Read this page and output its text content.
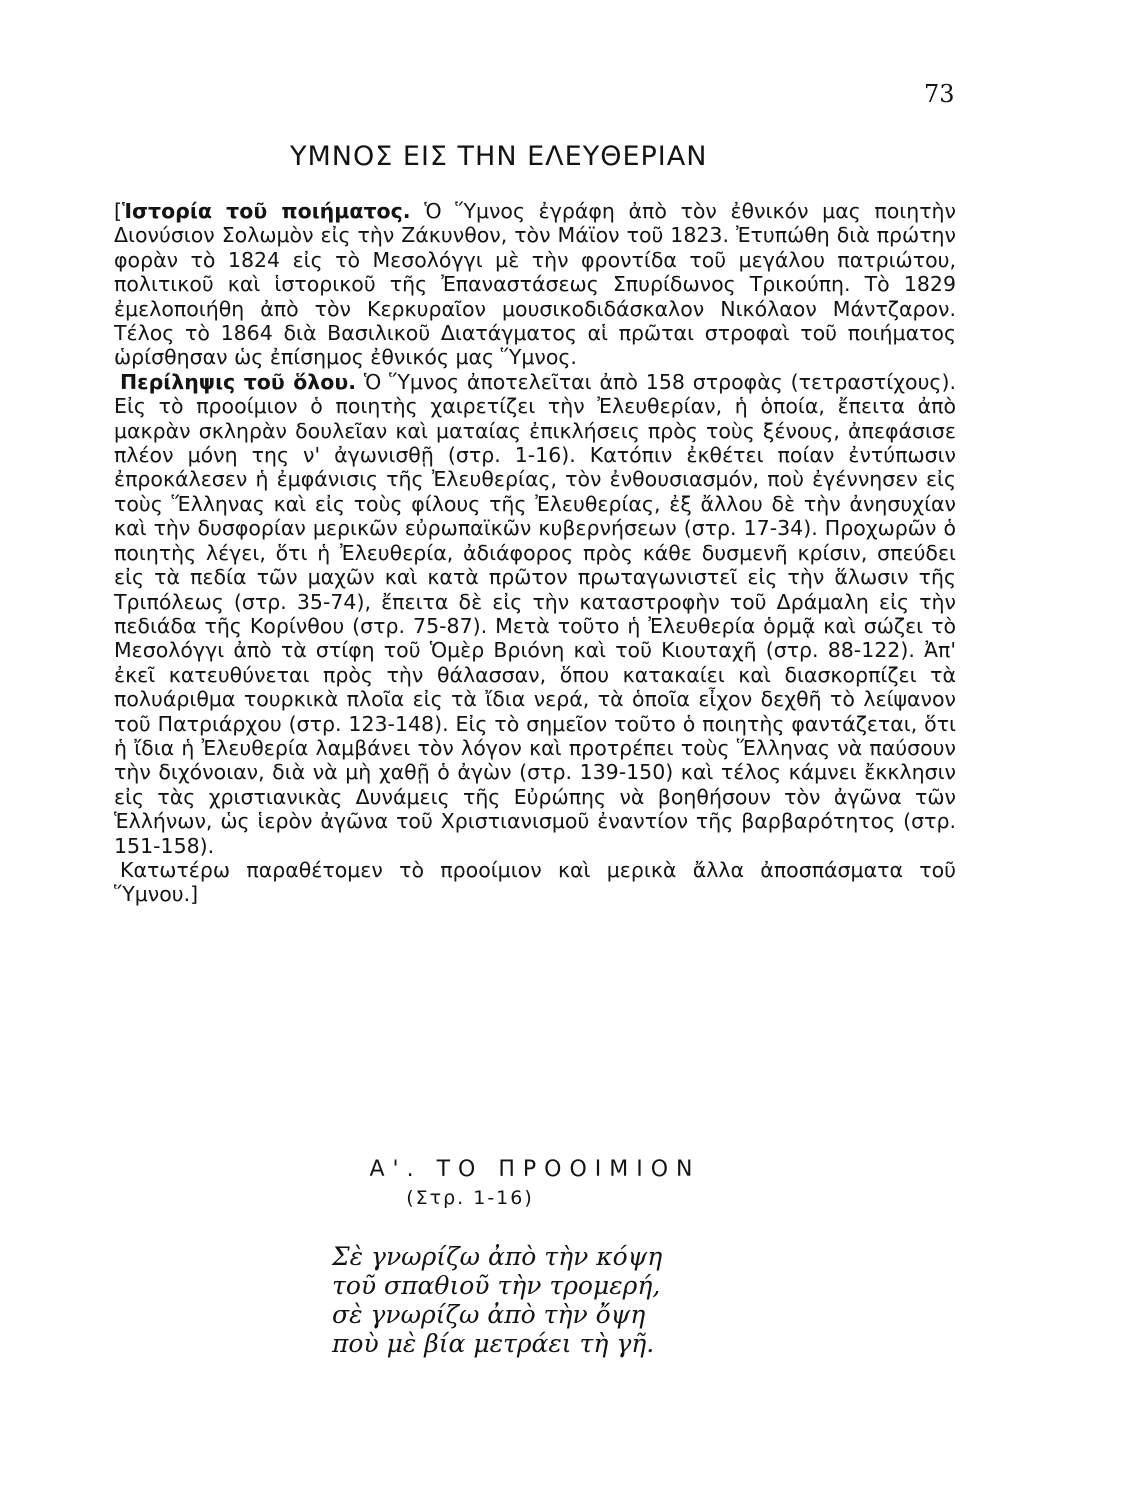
73
ΥΜΝΟΣ ΕΙΣ ΤΗΝ ΕΛΕΥΘΕΡΙΑΝ

[Ἱστορία τοῦ ποιήματος. Ὁ Ὕμνος ἐγράφη ἀπὸ τὸν ἐθνικόν μας ποιητὴν Διονύσιον Σολωμὸν εἰς τὴν Ζάκυνθον, τὸν Μάϊον τοῦ 1823. Ἐτυπώθη διὰ πρώτην φορὰν τὸ 1824 εἰς τὸ Μεσολόγγι μὲ τὴν φροντίδα τοῦ μεγάλου πατριώτου, πολιτικοῦ καὶ ἱστορικοῦ τῆς Ἐπαναστάσεως Σπυρίδωνος Τρικούπη. Τὸ 1829 ἐμελοποιήθη ἀπὸ τὸν Κερκυραῖον μουσικοδιδάσκαλον Νικόλαον Μάντζαρον. Τέλος τὸ 1864 διὰ Βασιλικοῦ Διατάγματος αἱ πρῶται στροφαὶ τοῦ ποιήματος ὡρίσθησαν ὡς ἐπίσημος ἐθνικός μας Ὕμνος.

Περίληψις τοῦ ὅλου. Ὁ Ὕμνος ἀποτελεῖται ἀπὸ 158 στροφὰς (τετραστίχους). Εἰς τὸ προοίμιον ὁ ποιητὴς χαιρετίζει τὴν Ἐλευθερίαν, ἡ ὁποία, ἔπειτα ἀπὸ μακρὰν σκληρὰν δουλεῖαν καὶ ματαίας ἐπικλήσεις πρὸς τοὺς ξένους, ἀπεφάσισε πλέον μόνη της ν' ἀγωνισθῇ (στρ. 1-16). Κατόπιν ἐκθέτει ποίαν ἐντύπωσιν ἐπροκάλεσεν ἡ ἐμφάνισις τῆς Ἐλευθερίας, τὸν ἐνθουσιασμόν, ποὺ ἐγέννησεν εἰς τοὺς Ἕλληνας καὶ εἰς τοὺς φίλους τῆς Ἐλευθερίας, ἐξ ἄλλου δὲ τὴν ἀνησυχίαν καὶ τὴν δυσφορίαν μερικῶν εὐρωπαϊκῶν κυβερνήσεων (στρ. 17-34). Προχωρῶν ὁ ποιητὴς λέγει, ὅτι ἡ Ἐλευθερία, ἀδιάφορος πρὸς κάθε δυσμενῆ κρίσιν, σπεύδει εἰς τὰ πεδία τῶν μαχῶν καὶ κατὰ πρῶτον πρωταγωνιστεῖ εἰς τὴν ἅλωσιν τῆς Τριπόλεως (στρ. 35-74), ἔπειτα δὲ εἰς τὴν καταστροφὴν τοῦ Δράμαλη εἰς τὴν πεδιάδα τῆς Κορίνθου (στρ. 75-87). Μετὰ τοῦτο ἡ Ἐλευθερία ὁρμᾷ καὶ σώζει τὸ Μεσολόγγι ἀπὸ τὰ στίφη τοῦ Ὁμὲρ Βριόνη καὶ τοῦ Κιουταχῆ (στρ. 88-122). Ἀπ' ἐκεῖ κατευθύνεται πρὸς τὴν θάλασσαν, ὅπου κατακαίει καὶ διασκορπίζει τὰ πολυάριθμα τουρκικὰ πλοῖα εἰς τὰ ἴδια νερά, τὰ ὁποῖα εἶχον δεχθῆ τὸ λείψανον τοῦ Πατριάρχου (στρ. 123-148). Εἰς τὸ σημεῖον τοῦτο ὁ ποιητὴς φαντάζεται, ὅτι ἡ ἴδια ἡ Ἐλευθερία λαμβάνει τὸν λόγον καὶ προτρέπει τοὺς Ἕλληνας νὰ παύσουν τὴν διχόνοιαν, διὰ νὰ μὴ χαθῇ ὁ ἀγὼν (στρ. 139-150) καὶ τέλος κάμνει ἔκκλησιν εἰς τὰς χριστιανικὰς Δυνάμεις τῆς Εὐρώπης νὰ βοηθήσουν τὸν ἀγῶνα τῶν Ἑλλήνων, ὡς ἱερὸν ἀγῶνα τοῦ Χριστιανισμοῦ ἐναντίον τῆς βαρβαρότητος (στρ. 151-158).

Κατωτέρω παραθέτομεν τὸ προοίμιον καὶ μερικὰ ἄλλα ἀποσπάσματα τοῦ Ὕμνου.]

Α'. ΤΟ ΠΡΟΟΙΜΙΟΝ
(Στρ. 1-16)
Σὲ γνωρίζω ἀπὸ τὴν κόψη
τοῦ σπαθιοῦ τὴν τρομερή,
σὲ γνωρίζω ἀπὸ τὴν ὄψη
ποὺ μὲ βία μετράει τὴ γῆ.
